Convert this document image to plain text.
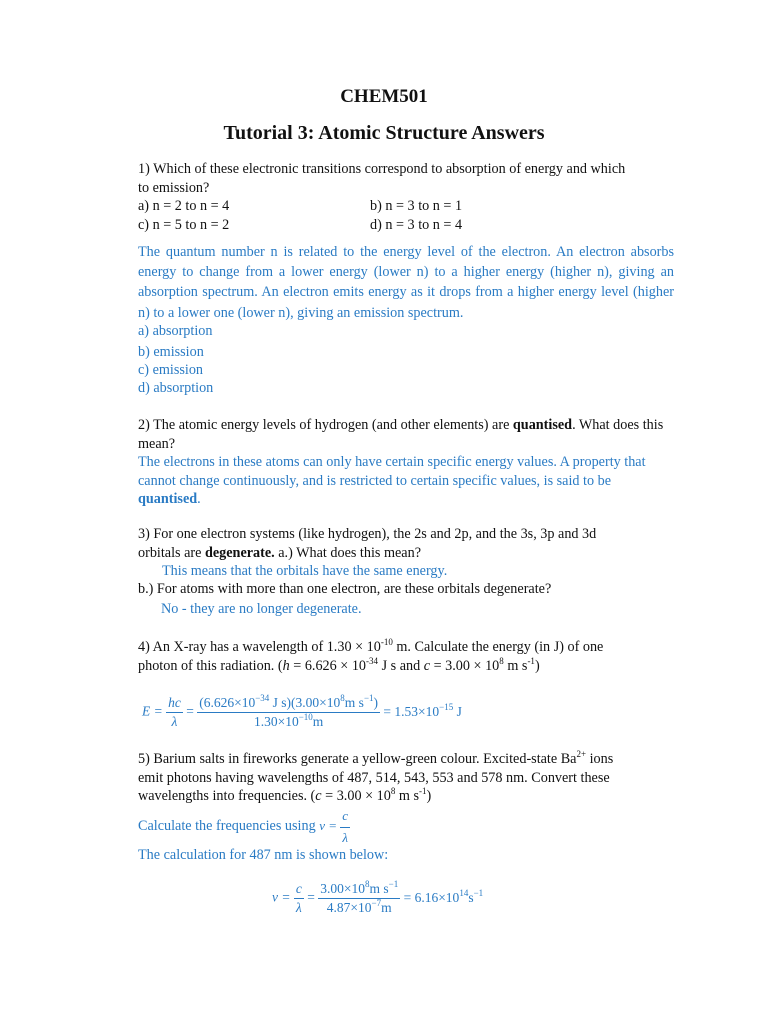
CHEM501
Tutorial 3: Atomic Structure Answers
1) Which of these electronic transitions correspond to absorption of energy and which
to emission?
a) n = 2 to n = 4	b) n = 3 to n = 1
c) n = 5 to n = 2	d) n = 3 to n = 4
The quantum number n is related to the energy level of the electron. An electron absorbs energy to change from a lower energy (lower n) to a higher energy (higher n), giving an absorption spectrum. An electron emits energy as it drops from a higher energy level (higher n) to a lower one (lower n), giving an emission spectrum.
a) absorption
b) emission
c) emission
d) absorption
2) The atomic energy levels of hydrogen (and other elements) are quantised. What does this mean?
The electrons in these atoms can only have certain specific energy values. A property that cannot change continuously, and is restricted to certain specific values, is said to be quantised.
3) For one electron systems (like hydrogen), the 2s and 2p, and the 3s, 3p and 3d
orbitals are degenerate. a.) What does this mean?
This means that the orbitals have the same energy.
b.) For atoms with more than one electron, are these orbitals degenerate?
No - they are no longer degenerate.
4) An X-ray has a wavelength of $1.30 \times 10^{-10}$ m. Calculate the energy (in J) of one
photon of this radiation. ($h = 6.626 \times 10^{-34}$ J s and $c = 3.00 \times 10^8$ m $s^{-1}$)
$E = \frac{hc}{\lambda} = \frac{(6.626\times 10^{-34} J s)(3.00\times 10^8m s^{-1})}{1.30\times 10^{-10}m} = 1.53\times 10^{-15}$ J
5) Barium salts in fireworks generate a yellow-green colour. Excited-state $Ba^{2+}$ ions
emit photons having wavelengths of 487, 514, 543, 553 and 578 nm. Convert these
wavelengths into frequencies. ($c = 3.00 \times 10^8$ m $s^{-1}$)
Calculate the frequencies using $\nu = \frac{c}{\lambda}$
The calculation for 487 nm is shown below:
$\nu = \frac{c}{\lambda} = \frac{3.00\times 10^8m s^{-1}}{4.87\times 10^{-7}m} = 6.16\times 10^{14}s^{-1}$
